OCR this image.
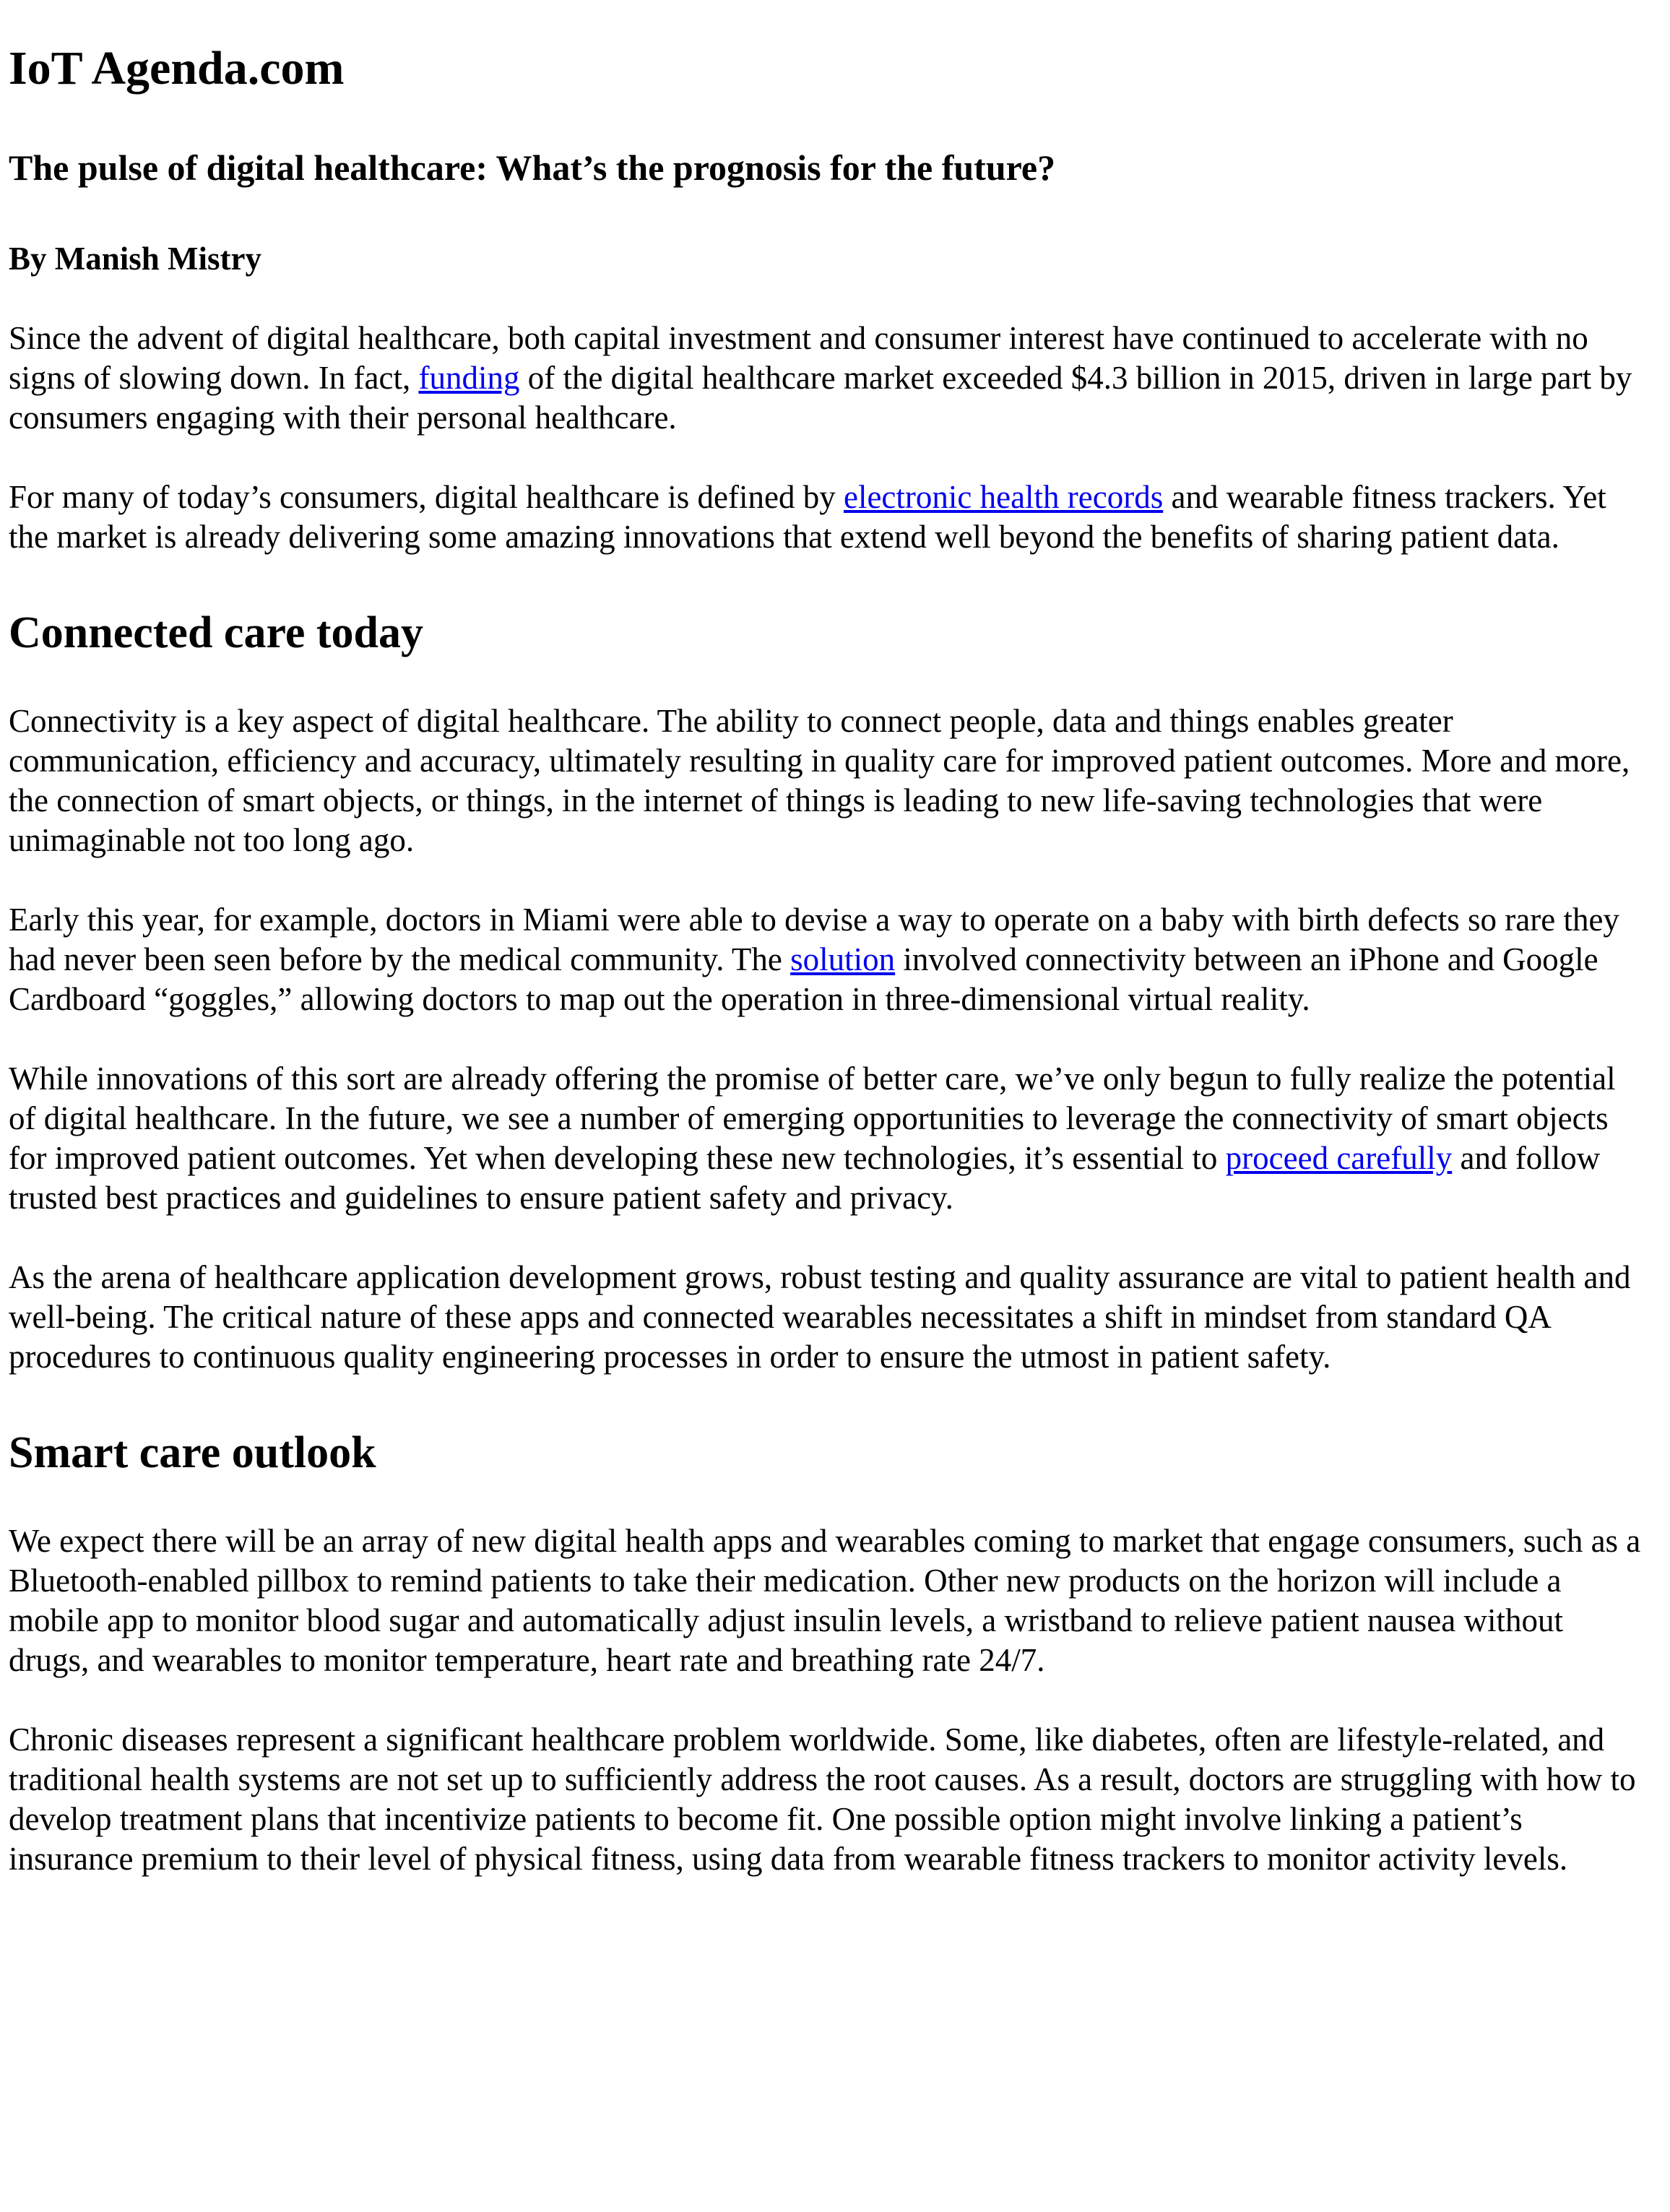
IoT Agenda.com
The pulse of digital healthcare: What’s the prognosis for the future?

By Manish Mistry

Since the advent of digital healthcare, both capital investment and consumer interest have continued to accelerate with no signs of slowing down. In fact, funding of the digital healthcare market exceeded $4.3 billion in 2015, driven in large part by consumers engaging with their personal healthcare.

For many of today’s consumers, digital healthcare is defined by electronic health records and wearable fitness trackers. Yet the market is already delivering some amazing innovations that extend well beyond the benefits of sharing patient data.

Connected care today

Connectivity is a key aspect of digital healthcare. The ability to connect people, data and things enables greater communication, efficiency and accuracy, ultimately resulting in quality care for improved patient outcomes. More and more, the connection of smart objects, or things, in the internet of things is leading to new life-saving technologies that were unimaginable not too long ago.

Early this year, for example, doctors in Miami were able to devise a way to operate on a baby with birth defects so rare they had never been seen before by the medical community. The solution involved connectivity between an iPhone and Google Cardboard “goggles,” allowing doctors to map out the operation in three-dimensional virtual reality.

While innovations of this sort are already offering the promise of better care, we’ve only begun to fully realize the potential of digital healthcare. In the future, we see a number of emerging opportunities to leverage the connectivity of smart objects for improved patient outcomes. Yet when developing these new technologies, it’s essential to proceed carefully and follow trusted best practices and guidelines to ensure patient safety and privacy.

As the arena of healthcare application development grows, robust testing and quality assurance are vital to patient health and well-being. The critical nature of these apps and connected wearables necessitates a shift in mindset from standard QA procedures to continuous quality engineering processes in order to ensure the utmost in patient safety.

Smart care outlook

We expect there will be an array of new digital health apps and wearables coming to market that engage consumers, such as a Bluetooth-enabled pillbox to remind patients to take their medication. Other new products on the horizon will include a mobile app to monitor blood sugar and automatically adjust insulin levels, a wristband to relieve patient nausea without drugs, and wearables to monitor temperature, heart rate and breathing rate 24/7.

Chronic diseases represent a significant healthcare problem worldwide. Some, like diabetes, often are lifestyle-related, and traditional health systems are not set up to sufficiently address the root causes. As a result, doctors are struggling with how to develop treatment plans that incentivize patients to become fit. One possible option might involve linking a patient’s insurance premium to their level of physical fitness, using data from wearable fitness trackers to monitor activity levels.
